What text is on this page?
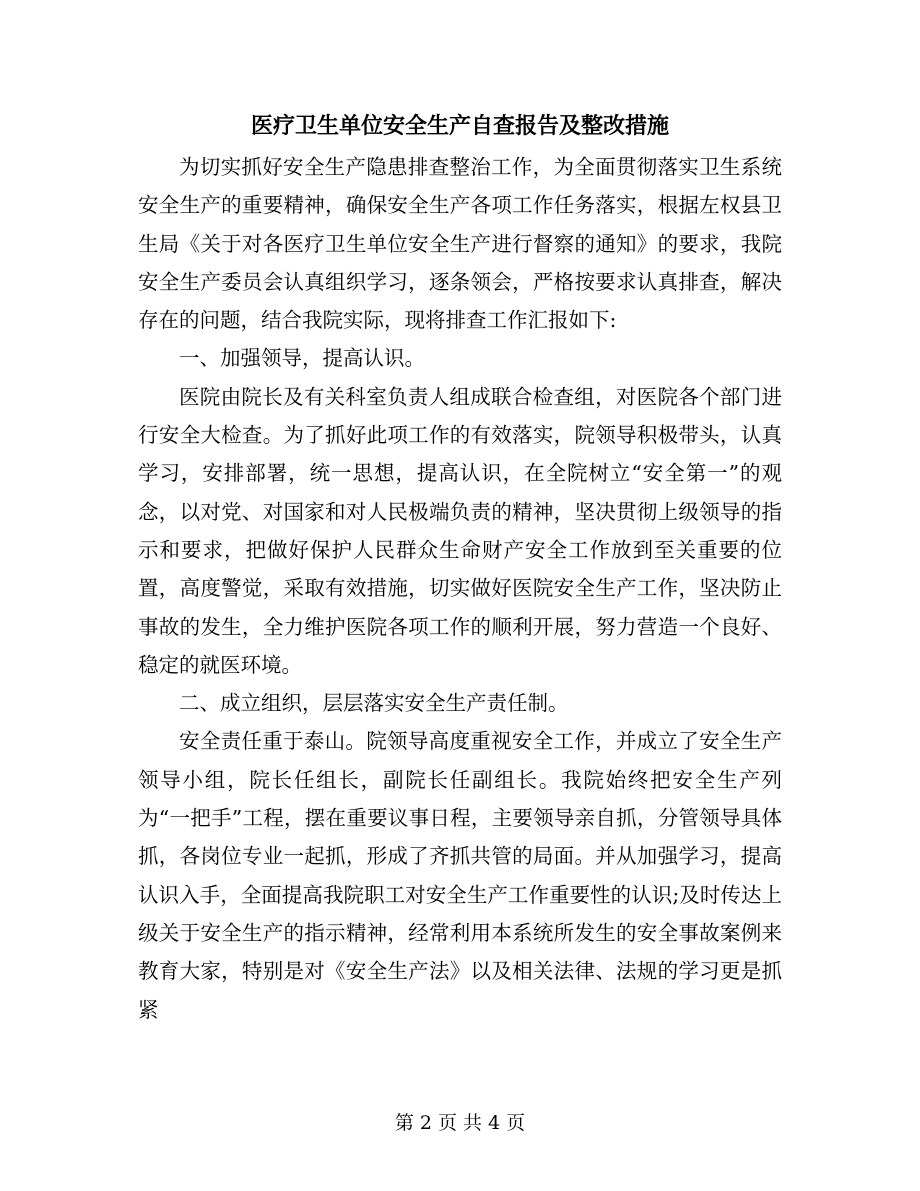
医疗卫生单位安全生产自查报告及整改措施

为切实抓好安全生产隐患排查整治工作，为全面贯彻落实卫生系统安全生产的重要精神，确保安全生产各项工作任务落实，根据左权县卫生局《关于对各医疗卫生单位安全生产进行督察的通知》的要求，我院安全生产委员会认真组织学习，逐条领会，严格按要求认真排查，解决存在的问题，结合我院实际，现将排查工作汇报如下:

一、加强领导，提高认识。

医院由院长及有关科室负责人组成联合检查组，对医院各个部门进行安全大检查。为了抓好此项工作的有效落实，院领导积极带头，认真学习，安排部署，统一思想，提高认识，在全院树立“安全第一”的观念，以对党、对国家和对人民极端负责的精神，坚决贯彻上级领导的指示和要求，把做好保护人民群众生命财产安全工作放到至关重要的位置，高度警觉，采取有效措施，切实做好医院安全生产工作，坚决防止事故的发生，全力维护医院各项工作的顺利开展，努力营造一个良好、稳定的就医环境。

二、成立组织，层层落实安全生产责任制。

安全责任重于泰山。院领导高度重视安全工作，并成立了安全生产领导小组，院长任组长，副院长任副组长。我院始终把安全生产列为“一把手”工程，摆在重要议事日程，主要领导亲自抓，分管领导具体抓，各岗位专业一起抓，形成了齐抓共管的局面。并从加强学习，提高认识入手，全面提高我院职工对安全生产工作重要性的认识;及时传达上级关于安全生产的指示精神，经常利用本系统所发生的安全事故案例来教育大家，特别是对《安全生产法》以及相关法律、法规的学习更是抓紧

第 2 页 共 4 页
